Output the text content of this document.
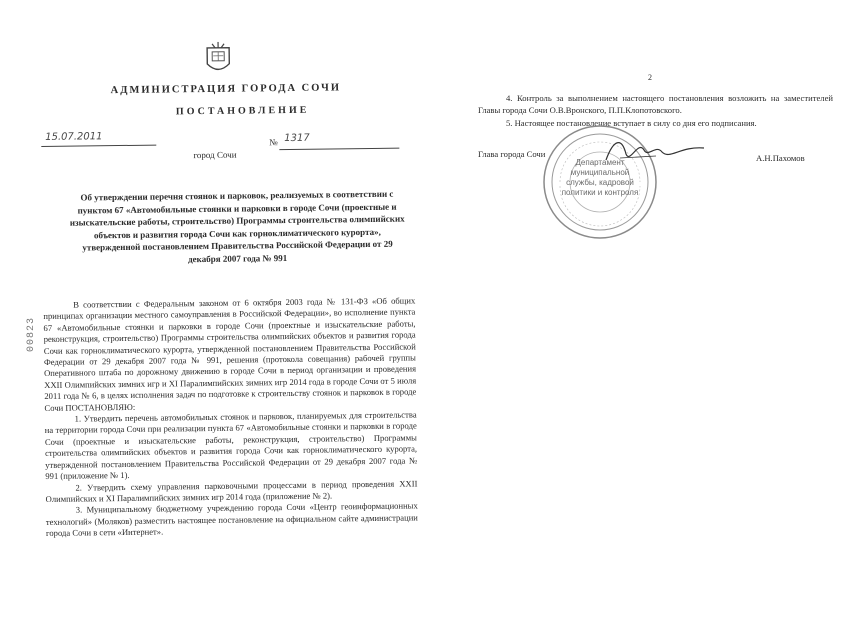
АДМИНИСТРАЦИЯ ГОРОДА СОЧИ
ПОСТАНОВЛЕНИЕ
15.07.2011	№ 1317
город Сочи
Об утверждении перечня стоянок и парковок, реализуемых в соответствии с пунктом 67 «Автомобильные стоянки и парковки в городе Сочи (проектные и изыскательские работы, строительство) Программы строительства олимпийских объектов и развития города Сочи как горноклиматического курорта», утвержденной постановлением Правительства Российской Федерации от 29 декабря 2007 года № 991

В соответствии с Федеральным законом от 6 октября 2003 года № 131-ФЗ «Об общих принципах организации местного самоуправления в Российской Федерации», во исполнение пункта 67 «Автомобильные стоянки и парковки в городе Сочи (проектные и изыскательские работы, реконструкция, строительство) Программы строительства олимпийских объектов и развития города Сочи как горноклиматического курорта, утвержденной постановлением Правительства Российской Федерации от 29 декабря 2007 года № 991, решения (протокола совещания) рабочей группы Оперативного штаба по дорожному движению в городе Сочи в период организации и проведения XXII Олимпийских зимних игр и XI Паралимпийских зимних игр 2014 года в городе Сочи от 5 июля 2011 года № 6, в целях исполнения задач по подготовке к строительству стоянок и парковок в городе Сочи ПОСТАНОВЛЯЮ:

1. Утвердить перечень автомобильных стоянок и парковок, планируемых для строительства на территории города Сочи при реализации пункта 67 «Автомобильные стоянки и парковки в городе Сочи (проектные и изыскательские работы, реконструкция, строительство) Программы строительства олимпийских объектов и развития города Сочи как горноклиматического курорта, утвержденной постановлением Правительства Российской Федерации от 29 декабря 2007 года № 991 (приложение № 1).

2. Утвердить схему управления парковочными процессами в период проведения XXII Олимпийских и XI Паралимпийских зимних игр 2014 года (приложение № 2).

3. Муниципальному бюджетному учреждению города Сочи «Центр геоинформационных технологий» (Моляков) разместить настоящее постановление на официальном сайте администрации города Сочи в сети «Интернет».

00823
2
4. Контроль за выполнением настоящего постановления возложить на заместителей Главы города Сочи О.В.Вронского, П.П.Клопотовского.
5. Настоящее постановление вступает в силу со дня его подписания.
Департамент муниципальной службы, кадровой политики и контроля
Глава города Сочи	А.Н.Пахомов
